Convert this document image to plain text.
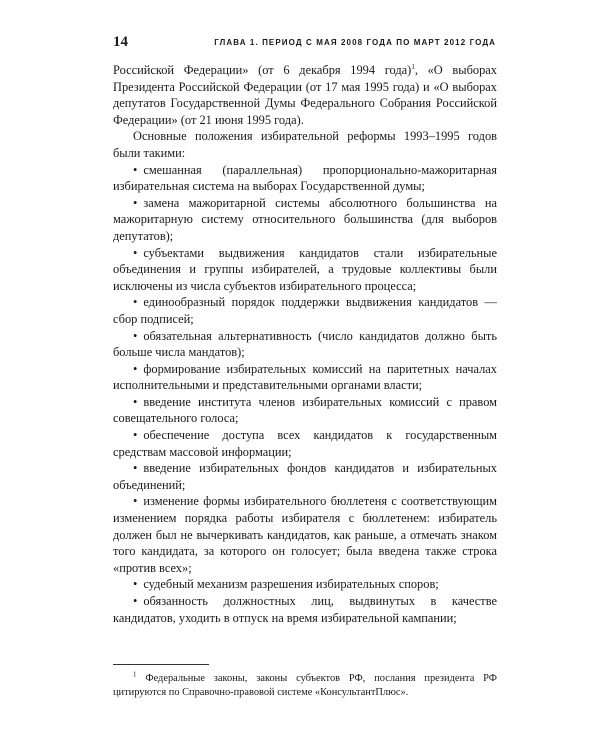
14	ГЛАВА 1. ПЕРИОД С МАЯ 2008 ГОДА ПО МАРТ 2012 ГОДА

Российской Федерации» (от 6 декабря 1994 года)$^1$, «О выборах Президента Российской Федерации (от 17 мая 1995 года) и «О выборах депутатов Государственной Думы Федерального Собрания Российской Федерации» (от 21 июня 1995 года).

Основные положения избирательной реформы 1993–1995 годов были такими:

• смешанная (параллельная) пропорционально-мажоритарная избирательная система на выборах Государственной думы;
• замена мажоритарной системы абсолютного большинства на мажоритарную систему относительного большинства (для выборов депутатов);
• субъектами выдвижения кандидатов стали избирательные объединения и группы избирателей, а трудовые коллективы были исключены из числа субъектов избирательного процесса;
• единообразный порядок поддержки выдвижения кандидатов — сбор подписей;
• обязательная альтернативность (число кандидатов должно быть больше числа мандатов);
• формирование избирательных комиссий на паритетных началах исполнительными и представительными органами власти;
• введение института членов избирательных комиссий с правом совещательного голоса;
• обеспечение доступа всех кандидатов к государственным средствам массовой информации;
• введение избирательных фондов кандидатов и избирательных объединений;
• изменение формы избирательного бюллетеня с соответствующим изменением порядка работы избирателя с бюллетенем: избиратель должен был не вычеркивать кандидатов, как раньше, а отмечать знаком того кандидата, за которого он голосует; была введена также строка «против всех»;
• судебный механизм разрешения избирательных споров;
• обязанность должностных лиц, выдвинутых в качестве кандидатов, уходить в отпуск на время избирательной кампании;
$^1$ Федеральные законы, законы субъектов РФ, послания президента РФ цитируются по Справочно-правовой системе «КонсультантПлюс».
